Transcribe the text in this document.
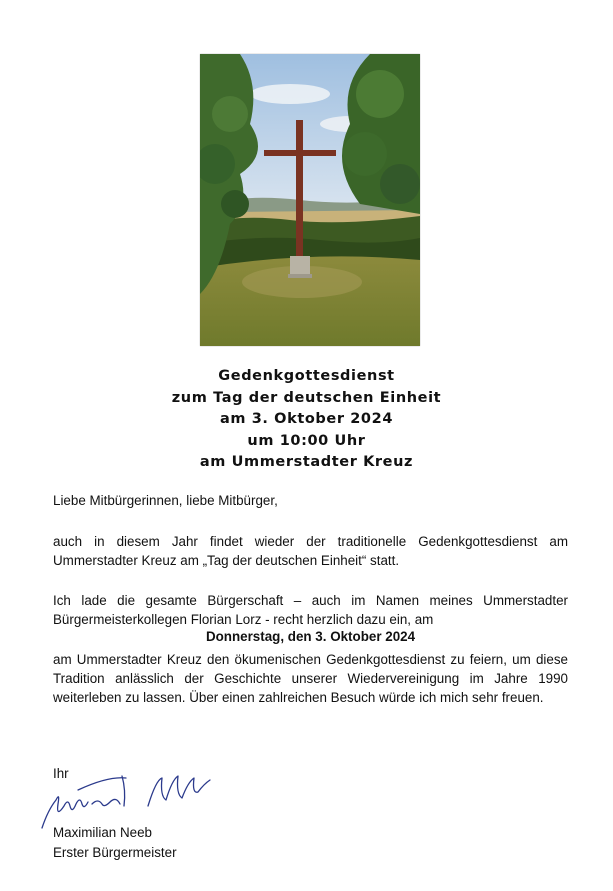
Gedenkgottesdienst
zum Tag der deutschen Einheit
am 3. Oktober 2024
um 10:00 Uhr
am Ummerstadter Kreuz
Liebe Mitbürgerinnen, liebe Mitbürger,
auch in diesem Jahr findet wieder der traditionelle Gedenkgottesdienst am Ummerstadter Kreuz am „Tag der deutschen Einheit“ statt.
Ich lade die gesamte Bürgerschaft – auch im Namen meines Ummerstadter Bürgermeisterkollegen Florian Lorz - recht herzlich dazu ein, am
Donnerstag, den 3. Oktober 2024
am Ummerstadter Kreuz den ökumenischen Gedenkgottesdienst zu feiern, um diese Tradition anlässlich der Geschichte unserer Wiedervereinigung im Jahre 1990 weiterleben zu lassen. Über einen zahlreichen Besuch würde ich mich sehr freuen.
Ihr
Maximilian Neeb
Erster Bürgermeister
